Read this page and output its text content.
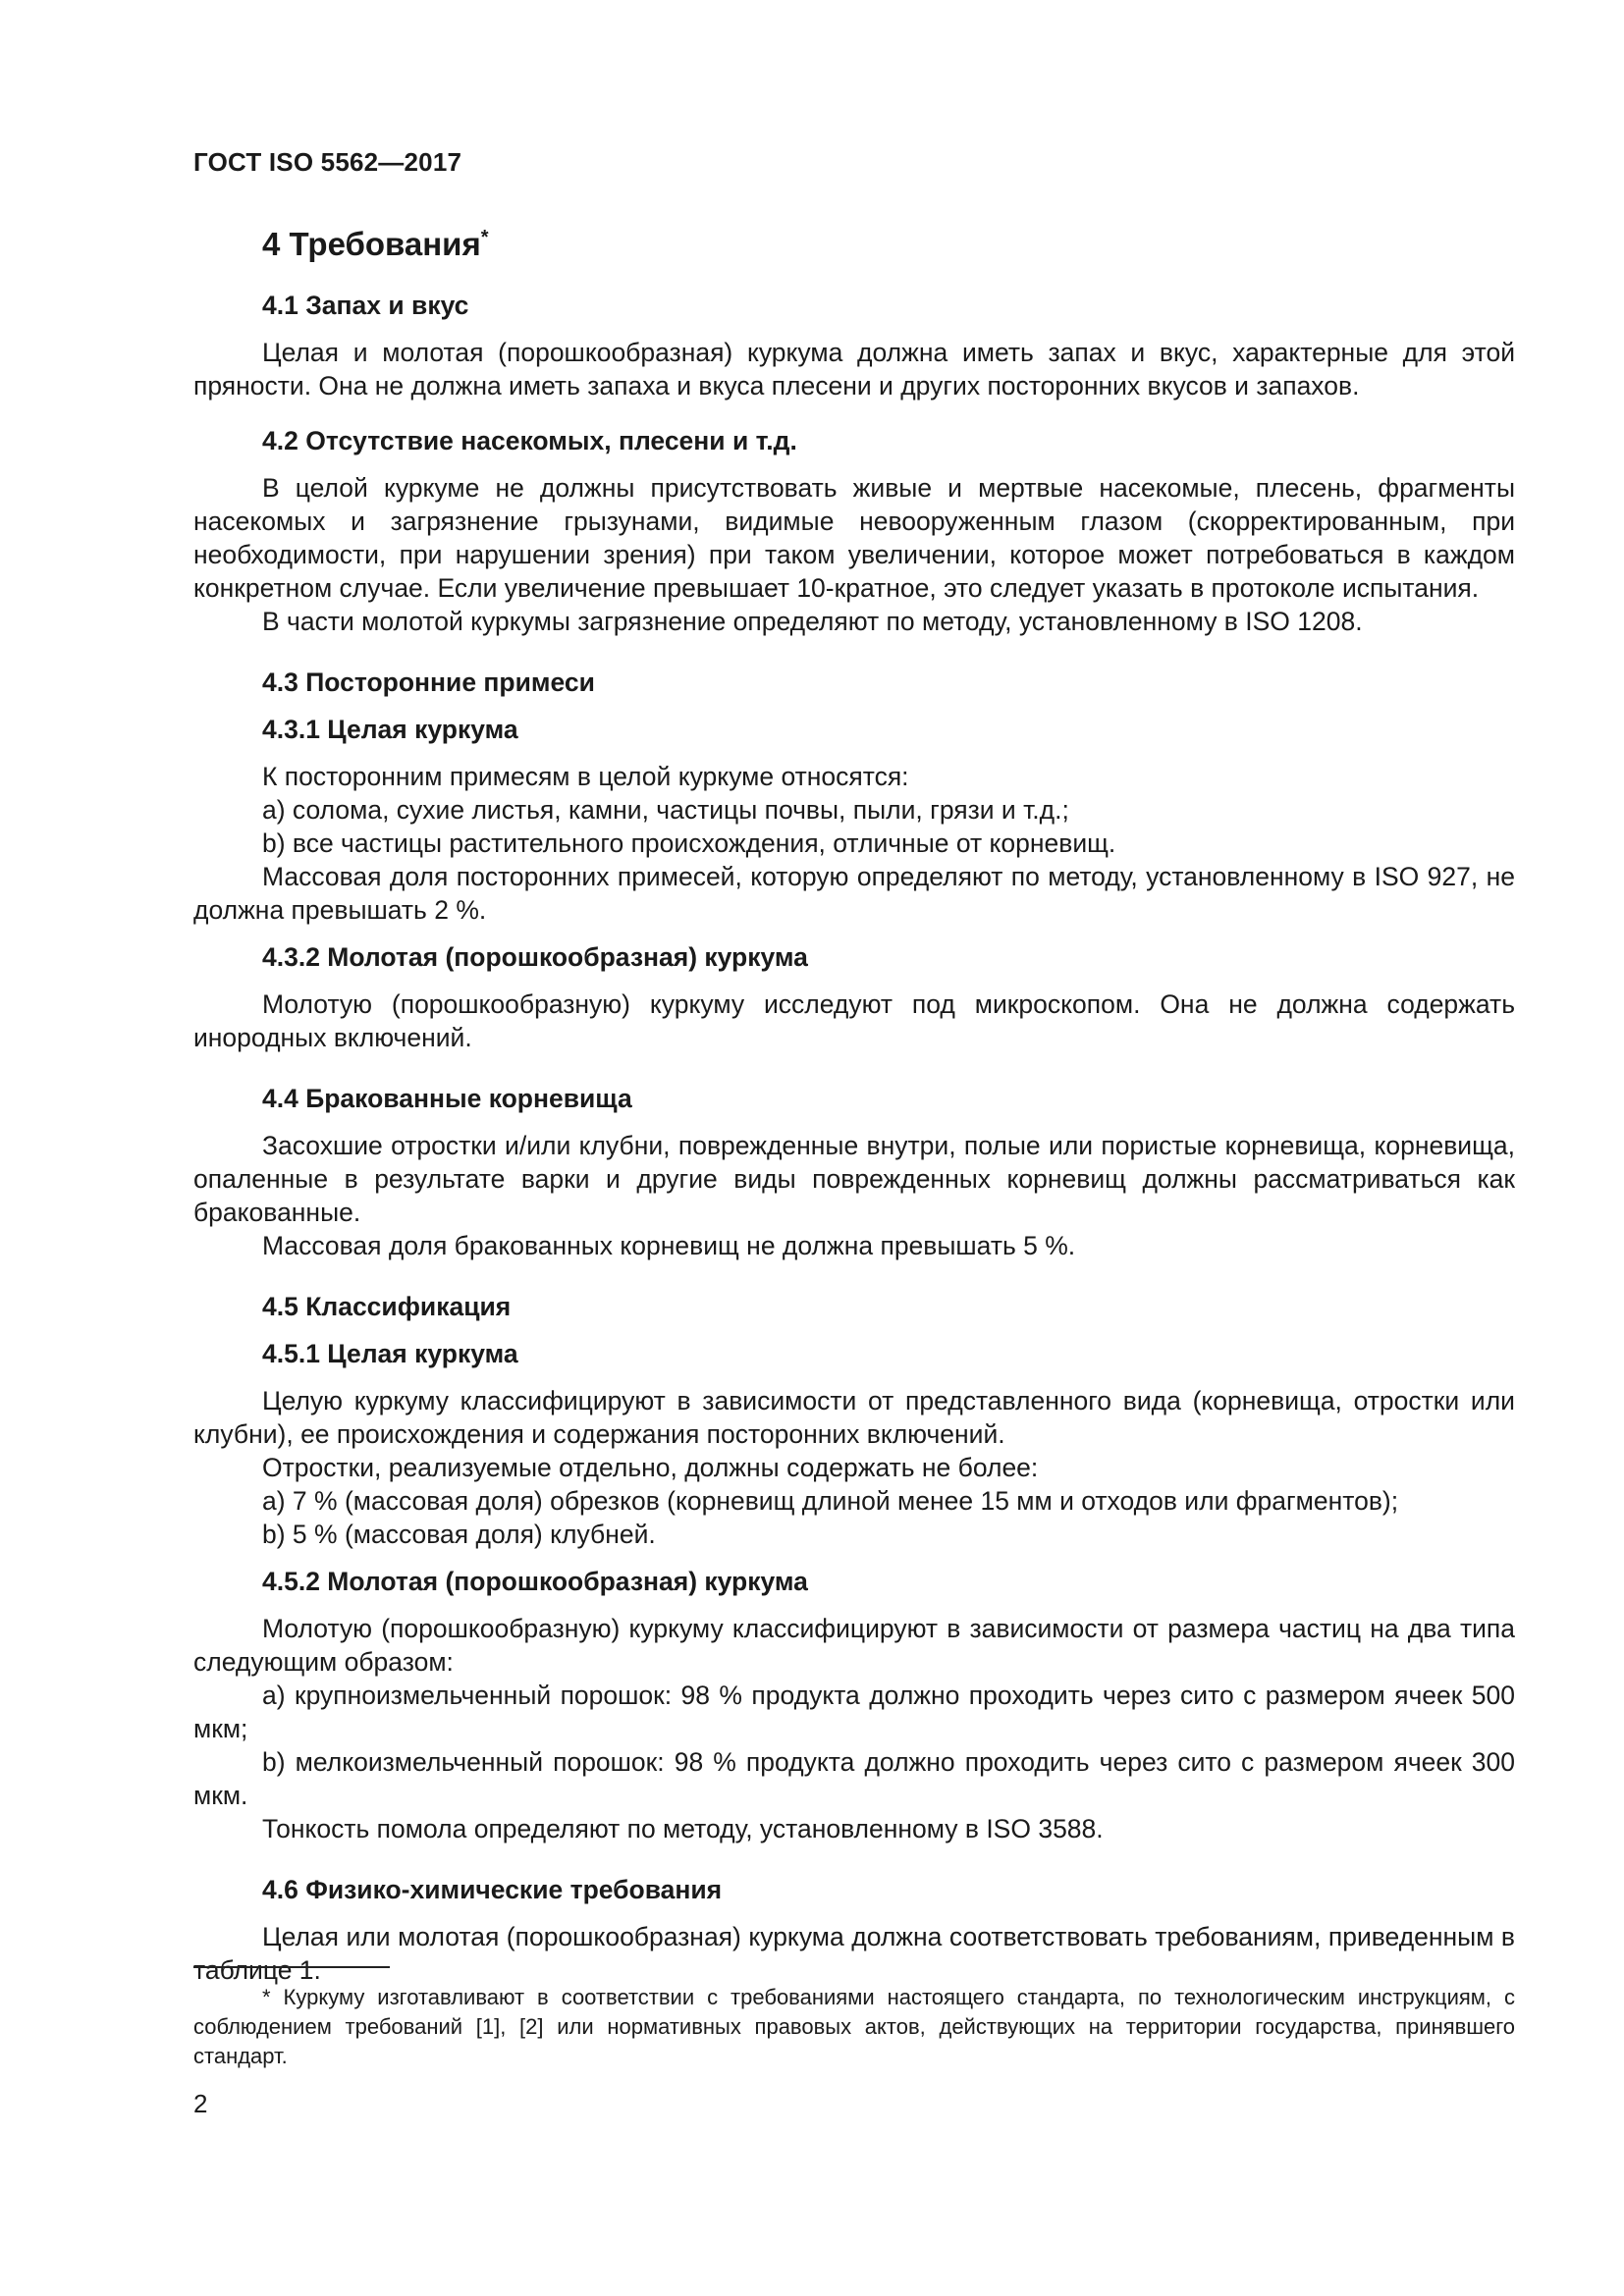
ГОСТ ISO 5562—2017
4 Требования*
4.1 Запах и вкус

Целая и молотая (порошкообразная) куркума должна иметь запах и вкус, характерные для этой пряности. Она не должна иметь запаха и вкуса плесени и других посторонних вкусов и запахов.

4.2 Отсутствие насекомых, плесени и т.д.

В целой куркуме не должны присутствовать живые и мертвые насекомые, плесень, фрагменты насекомых и загрязнение грызунами, видимые невооруженным глазом (скорректированным, при необходимости, при нарушении зрения) при таком увеличении, которое может потребоваться в каждом конкретном случае. Если увеличение превышает 10-кратное, это следует указать в протоколе испытания.

В части молотой куркумы загрязнение определяют по методу, установленному в ISO 1208.

4.3 Посторонние примеси
4.3.1 Целая куркума

К посторонним примесям в целой куркуме относятся:

а) солома, сухие листья, камни, частицы почвы, пыли, грязи и т.д.;

b) все частицы растительного происхождения, отличные от корневищ.

Массовая доля посторонних примесей, которую определяют по методу, установленному в ISO 927, не должна превышать 2 %.

4.3.2 Молотая (порошкообразная) куркума

Молотую (порошкообразную) куркуму исследуют под микроскопом. Она не должна содержать инородных включений.

4.4 Бракованные корневища

Засохшие отростки и/или клубни, поврежденные внутри, полые или пористые корневища, корневища, опаленные в результате варки и другие виды поврежденных корневищ должны рассматриваться как бракованные.

Массовая доля бракованных корневищ не должна превышать 5 %.

4.5 Классификация
4.5.1 Целая куркума

Целую куркуму классифицируют в зависимости от представленного вида (корневища, отростки или клубни), ее происхождения и содержания посторонних включений.

Отростки, реализуемые отдельно, должны содержать не более:

а) 7 % (массовая доля) обрезков (корневищ длиной менее 15 мм и отходов или фрагментов);

b) 5 % (массовая доля) клубней.

4.5.2 Молотая (порошкообразная) куркума

Молотую (порошкообразную) куркуму классифицируют в зависимости от размера частиц на два типа следующим образом:

а) крупноизмельченный порошок: 98 % продукта должно проходить через сито с размером ячеек 500 мкм;

b) мелкоизмельченный порошок: 98 % продукта должно проходить через сито с размером ячеек 300 мкм.

Тонкость помола определяют по методу, установленному в ISO 3588.

4.6 Физико-химические требования

Целая или молотая (порошкообразная) куркума должна соответствовать требованиям, приведенным в таблице 1.

* Куркуму изготавливают в соответствии с требованиями настоящего стандарта, по технологическим инструкциям, с соблюдением требований [1], [2] или нормативных правовых актов, действующих на территории государства, принявшего стандарт.
2
